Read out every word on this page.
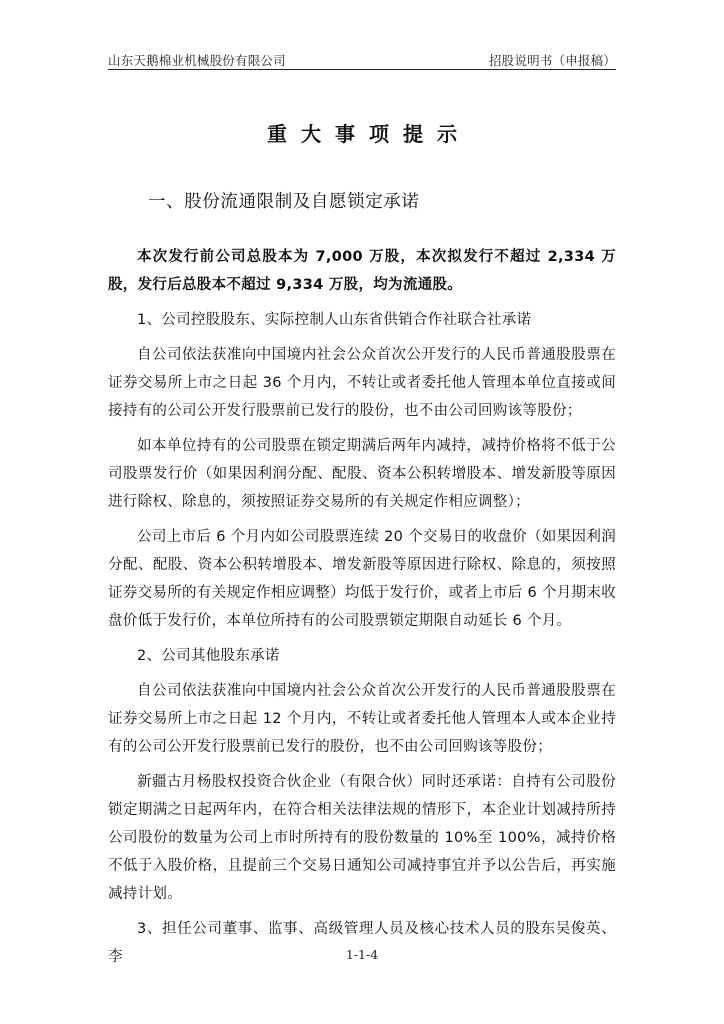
山东天鹅棉业机械股份有限公司	招股说明书（申报稿）
重大事项提示
一、股份流通限制及自愿锁定承诺

本次发行前公司总股本为 7,000 万股，本次拟发行不超过 2,334 万股，发行后总股本不超过 9,334 万股，均为流通股。

1、公司控股股东、实际控制人山东省供销合作社联合社承诺

自公司依法获准向中国境内社会公众首次公开发行的人民币普通股股票在证券交易所上市之日起 36 个月内，不转让或者委托他人管理本单位直接或间接持有的公司公开发行股票前已发行的股份，也不由公司回购该等股份；

如本单位持有的公司股票在锁定期满后两年内减持，减持价格将不低于公司股票发行价（如果因利润分配、配股、资本公积转增股本、增发新股等原因进行除权、除息的，须按照证券交易所的有关规定作相应调整）；

公司上市后 6 个月内如公司股票连续 20 个交易日的收盘价（如果因利润分配、配股、资本公积转增股本、增发新股等原因进行除权、除息的，须按照证券交易所的有关规定作相应调整）均低于发行价，或者上市后 6 个月期末收盘价低于发行价，本单位所持有的公司股票锁定期限自动延长 6 个月。

2、公司其他股东承诺

自公司依法获准向中国境内社会公众首次公开发行的人民币普通股股票在证券交易所上市之日起 12 个月内，不转让或者委托他人管理本人或本企业持有的公司公开发行股票前已发行的股份，也不由公司回购该等股份；

新疆古月杨股权投资合伙企业（有限合伙）同时还承诺：自持有公司股份锁定期满之日起两年内，在符合相关法律法规的情形下，本企业计划减持所持公司股份的数量为公司上市时所持有的股份数量的 10%至 100%，减持价格不低于入股价格，且提前三个交易日通知公司减持事宜并予以公告后，再实施减持计划。

3、担任公司董事、监事、高级管理人员及核心技术人员的股东吴俊英、李	1-1-4
